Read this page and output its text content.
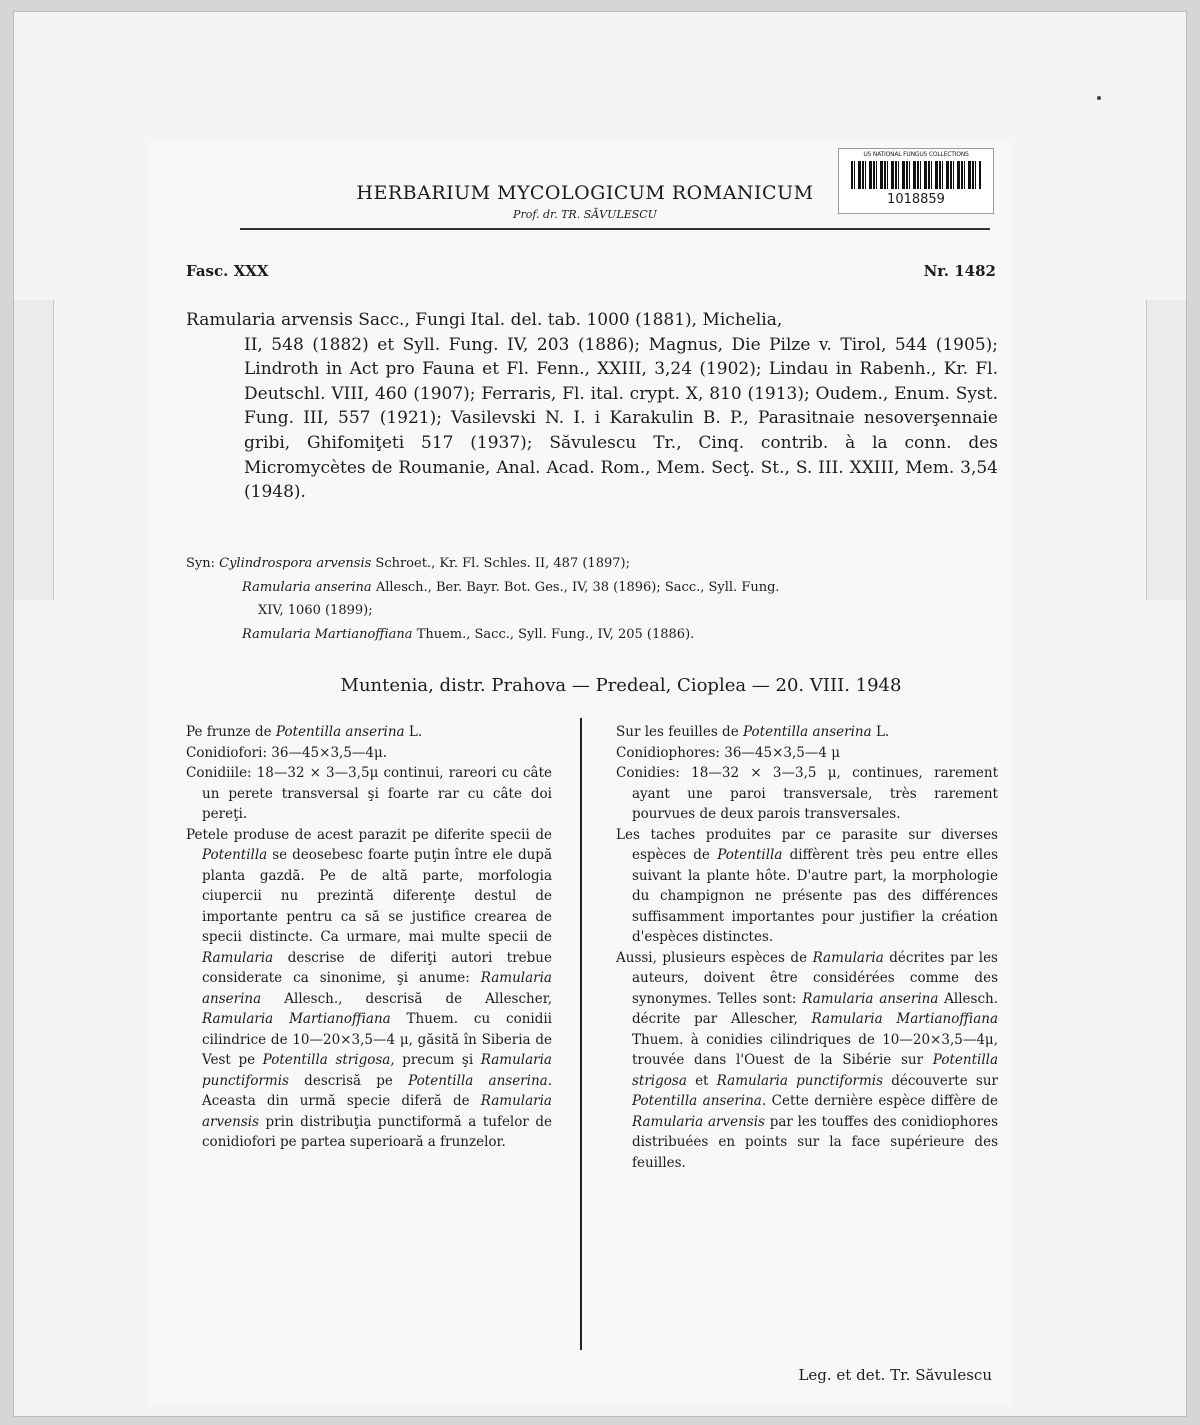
US NATIONAL FUNGUS COLLECTIONS
1018859
HERBARIUM MYCOLOGICUM ROMANICUM
Prof. dr. TR. SĂVULESCU
Fasc. XXX	Nr. 1482
Ramularia arvensis Sacc., Fungi Ital. del. tab. 1000 (1881), Michelia,
II, 548 (1882) et Syll. Fung. IV, 203 (1886); Magnus, Die Pilze v. Tirol, 544 (1905); Lindroth in Act pro Fauna et Fl. Fenn., XXIII, 3,24 (1902); Lindau in Rabenh., Kr. Fl. Deutschl. VIII, 460 (1907); Ferraris, Fl. ital. crypt. X, 810 (1913); Oudem., Enum. Syst. Fung. III, 557 (1921); Vasilevski N. I. i Karakulin B. P., Parasitnaie nesoverşennaie gribi, Ghifomiţeti 517 (1937); Săvulescu Tr., Cinq. contrib. à la conn. des Micromycètes de Roumanie, Anal. Acad. Rom., Mem. Secţ. St., S. III. XXIII, Mem. 3,54 (1948).
Syn: Cylindrospora arvensis Schroet., Kr. Fl. Schles. II, 487 (1897);
Ramularia anserina Allesch., Ber. Bayr. Bot. Ges., IV, 38 (1896); Sacc., Syll. Fung.
XIV, 1060 (1899);
Ramularia Martianoffiana Thuem., Sacc., Syll. Fung., IV, 205 (1886).
Muntenia, distr. Prahova — Predeal, Cioplea — 20. VIII. 1948

Pe frunze de Potentilla anserina L.

Conidiofori: 36—45×3,5—4μ.

Conidiile: 18—32 × 3—3,5μ continui, rareori cu câte un perete transversal şi foarte rar cu câte doi pereţi.

Petele produse de acest parazit pe diferite specii de Potentilla se deosebesc foarte puţin între ele după planta gazdă. Pe de altă parte, morfologia ciupercii nu prezintă diferenţe destul de importante pentru ca să se justifice crearea de specii distincte. Ca urmare, mai multe specii de Ramularia descrise de diferiţi autori trebue considerate ca sinonime, şi anume: Ramularia anserina Allesch., descrisă de Allescher, Ramularia Martianoffiana Thuem. cu conidii cilindrice de 10—20×3,5—4 μ, găsită în Siberia de Vest pe Potentilla strigosa, precum şi Ramularia punctiformis descrisă pe Potentilla anserina. Aceasta din urmă specie diferă de Ramularia arvensis prin distribuţia punctiformă a tufelor de conidiofori pe partea superioară a frunzelor.

Sur les feuilles de Potentilla anserina L.

Conidiophores: 36—45×3,5—4 μ

Conidies: 18—32 × 3—3,5 μ, continues, rarement ayant une paroi transversale, très rarement pourvues de deux parois transversales.

Les taches produites par ce parasite sur diverses espèces de Potentilla diffèrent très peu entre elles suivant la plante hôte. D'autre part, la morphologie du champignon ne présente pas des différences suffisamment importantes pour justifier la création d'espèces distinctes.

Aussi, plusieurs espèces de Ramularia décrites par les auteurs, doivent être considérées comme des synonymes. Telles sont: Ramularia anserina Allesch. décrite par Allescher, Ramularia Martianoffiana Thuem. à conidies cilindriques de 10—20×3,5—4μ, trouvée dans l'Ouest de la Sibérie sur Potentilla strigosa et Ramularia punctiformis découverte sur Potentilla anserina. Cette dernière espèce diffère de Ramularia arvensis par les touffes des conidiophores distribuées en points sur la face supérieure des feuilles.

Leg. et det. Tr. Săvulescu
